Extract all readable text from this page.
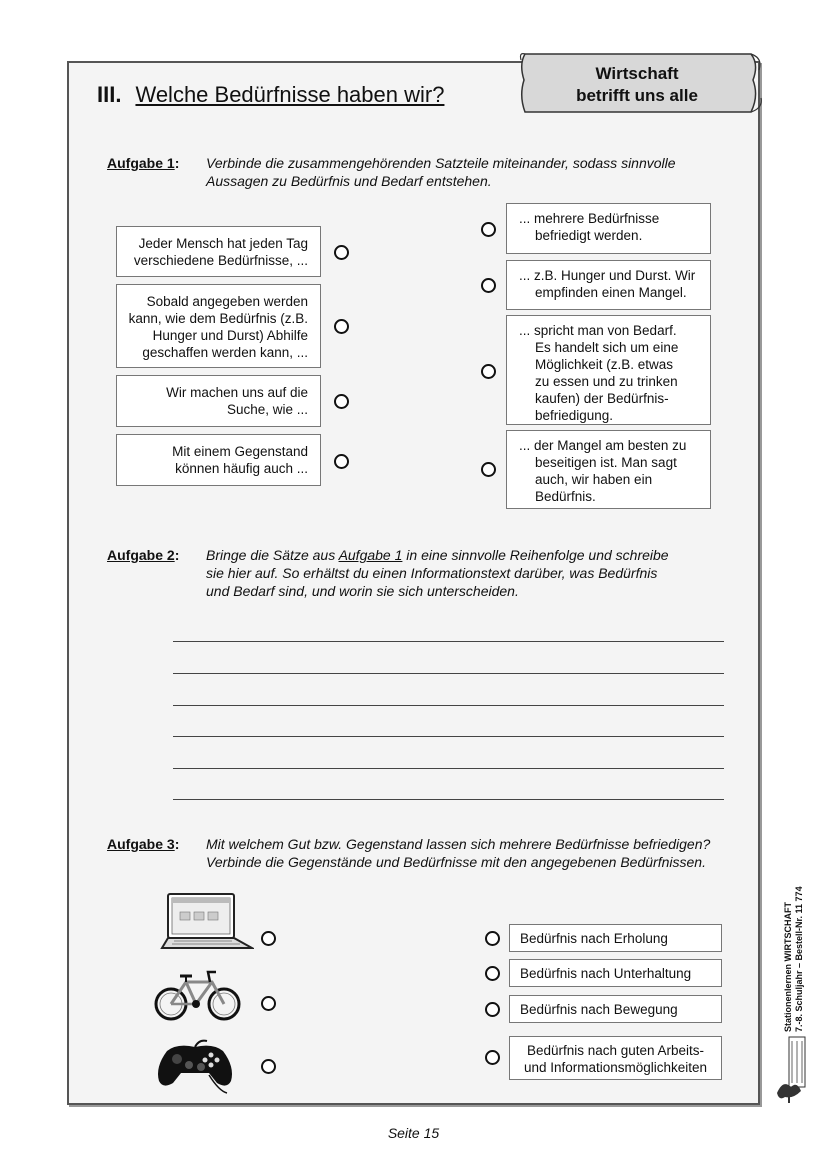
Wirtschaft
betrifft uns alle
III. Welche Bedürfnisse haben wir?
Aufgabe 1: Verbinde die zusammengehörenden Satzteile miteinander, sodass sinnvolle
Aussagen zu Bedürfnis und Bedarf entstehen.
Jeder Mensch hat jeden Tag
verschiedene Bedürfnisse, ...
Sobald angegeben werden
kann, wie dem Bedürfnis (z.B.
Hunger und Durst) Abhilfe
geschaffen werden kann, ...
Wir machen uns auf die
Suche, wie ...
Mit einem Gegenstand
können häufig auch ...
... mehrere Bedürfnisse
befriedigt werden.
... z.B. Hunger und Durst. Wir
empfinden einen Mangel.
... spricht man von Bedarf.
Es handelt sich um eine
Möglichkeit (z.B. etwas
zu essen und zu trinken
kaufen) der Bedürfnis-
befriedigung.
... der Mangel am besten zu
beseitigen ist. Man sagt
auch, wir haben ein
Bedürfnis.
Aufgabe 2: Bringe die Sätze aus Aufgabe 1 in eine sinnvolle Reihenfolge und schreibe
sie hier auf. So erhältst du einen Informationstext darüber, was Bedürfnis
und Bedarf sind, und worin sie sich unterscheiden.
Aufgabe 3: Mit welchem Gut bzw. Gegenstand lassen sich mehrere Bedürfnisse befriedigen?
Verbinde die Gegenstände und Bedürfnisse mit den angegebenen Bedürfnissen.
Bedürfnis nach Erholung
Bedürfnis nach Unterhaltung
Bedürfnis nach Bewegung
Bedürfnis nach guten Arbeits-
und Informationsmöglichkeiten
Stationenlernen WIRTSCHAFT 7.-8. Schuljahr – Bestell-Nr. 11 774
Seite 15
